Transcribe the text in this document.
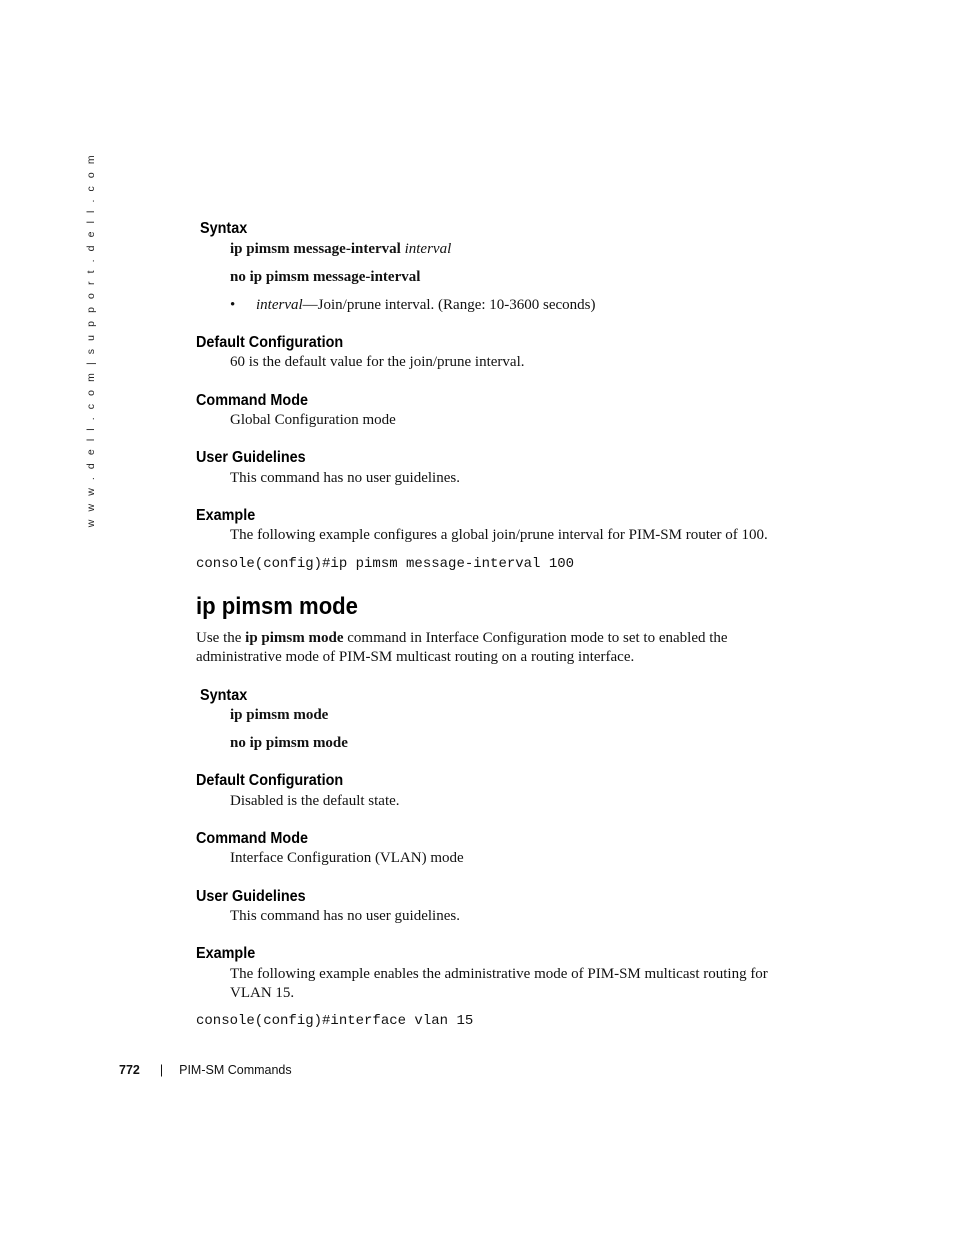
w w w . d e l l . c o m | s u p p o r t . d e l l . c o m	Syntax

ip pimsm message-interval interval

no ip pimsm message-interval

• interval—Join/prune interval. (Range: 10-3600 seconds)
Default Configuration

60 is the default value for the join/prune interval.

Command Mode

Global Configuration mode

User Guidelines

This command has no user guidelines.

Example

The following example configures a global join/prune interval for PIM-SM router of 100.

console(config)#ip pimsm message-interval 100
ip pimsm mode

Use the ip pimsm mode command in Interface Configuration mode to set to enabled the administrative mode of PIM-SM multicast routing on a routing interface.

Syntax

ip pimsm mode

no ip pimsm mode

Default Configuration

Disabled is the default state.

Command Mode

Interface Configuration (VLAN) mode

User Guidelines

This command has no user guidelines.

Example

The following example enables the administrative mode of PIM-SM multicast routing for VLAN 15.

console(config)#interface vlan 15
772 | PIM-SM Commands
